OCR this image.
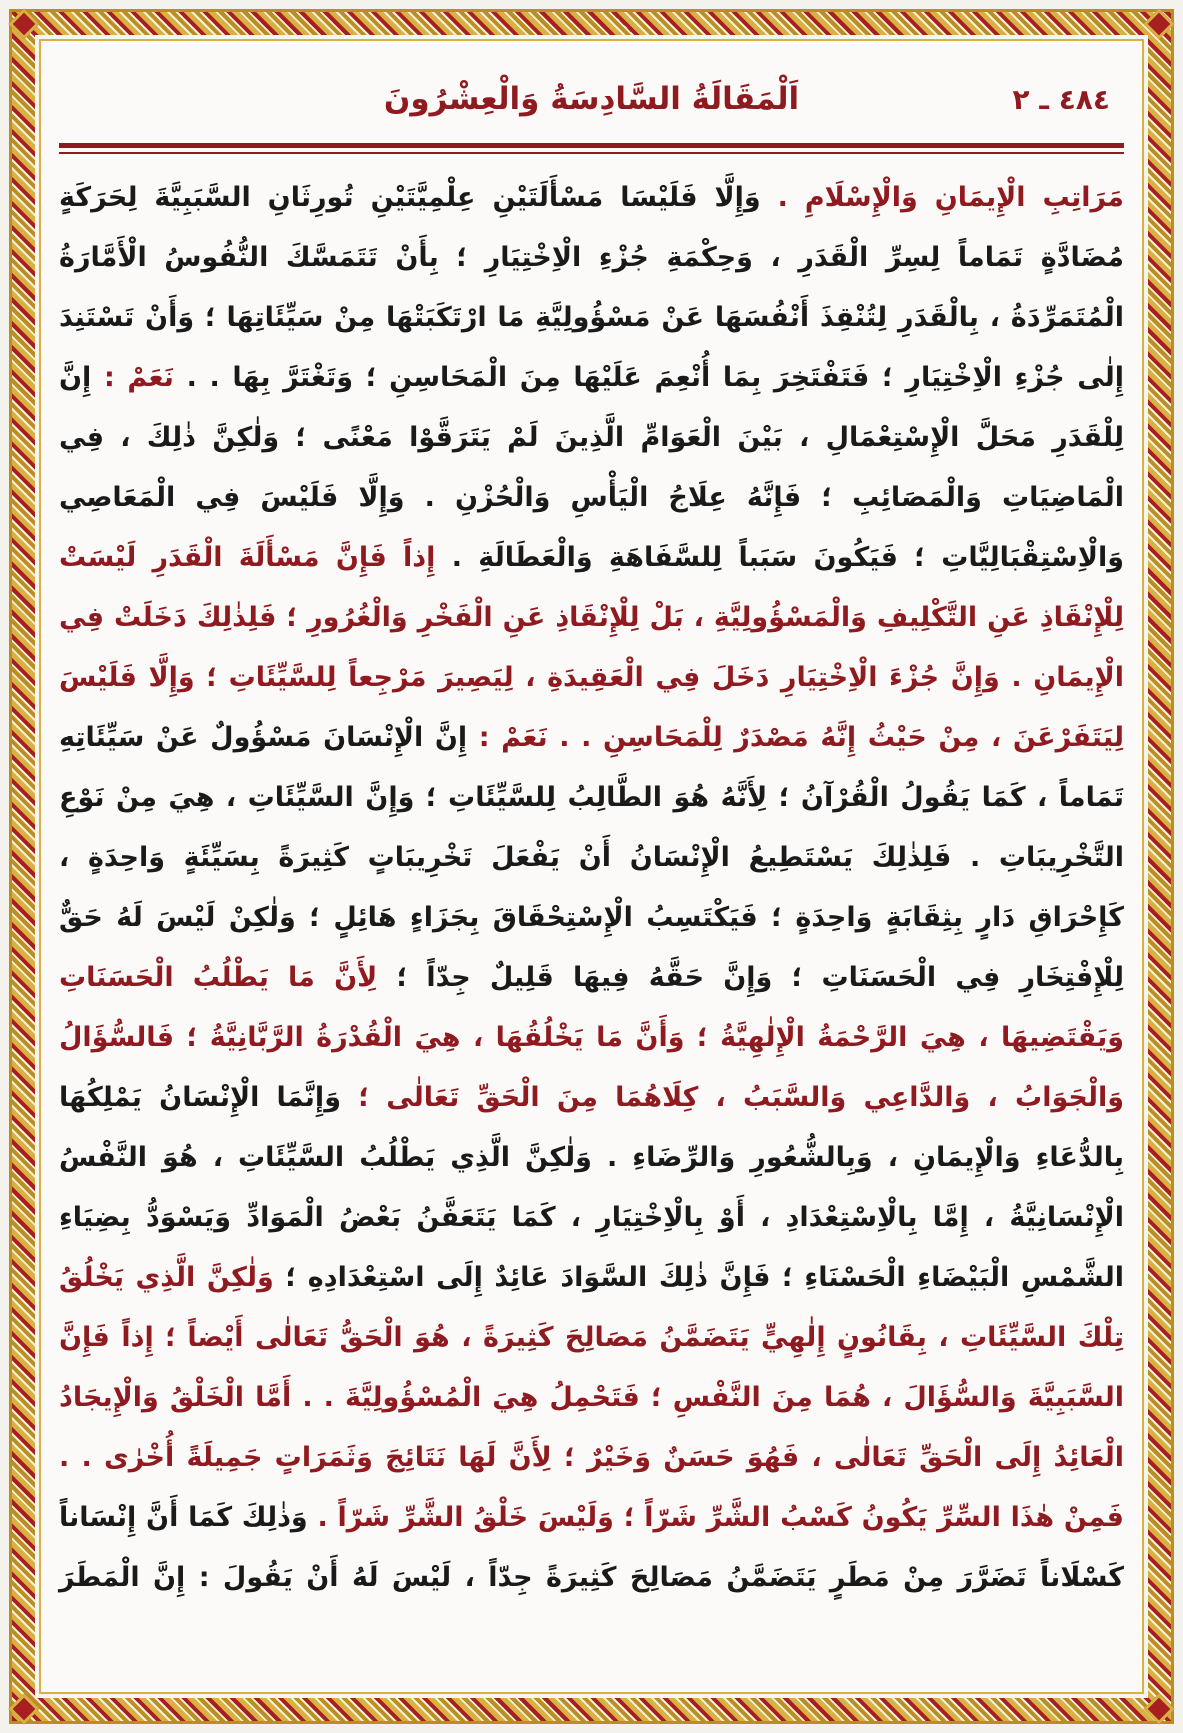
٤٨٤ ـ ٢
اَلْمَقَالَةُ السَّادِسَةُ وَالْعِشْرُونَ
مَرَاتِبِ الْإِيمَانِ وَالْإِسْلَامِ . وَإِلَّا فَلَيْسَا مَسْأَلَتَيْنِ عِلْمِيَّتَيْنِ تُورِثَانِ السَّبَبِيَّةَ لِحَرَكَةٍ مُضَادَّةٍ تَمَاماً لِسِرِّ الْقَدَرِ ، وَحِكْمَةِ جُزْءِ الْاِخْتِيَارِ ؛ بِأَنْ تَتَمَسَّكَ النُّفُوسُ الْأَمَّارَةُ الْمُتَمَرِّدَةُ ، بِالْقَدَرِ لِتُنْقِذَ أَنْفُسَهَا عَنْ مَسْؤُولِيَّةِ مَا ارْتَكَبَتْهَا مِنْ سَيِّئَاتِهَا ؛ وَأَنْ تَسْتَنِدَ إِلٰى جُزْءِ الْاِخْتِيَارِ ؛ فَتَفْتَخِرَ بِمَا أُنْعِمَ عَلَيْهَا مِنَ الْمَحَاسِنِ ؛ وَتَغْتَرَّ بِهَا . . نَعَمْ : إِنَّ لِلْقَدَرِ مَحَلَّ الْإِسْتِعْمَالِ ، بَيْنَ الْعَوَامِّ الَّذِينَ لَمْ يَتَرَقَّوْا مَعْنًى ؛ وَلٰكِنَّ ذٰلِكَ ، فِي الْمَاضِيَاتِ وَالْمَصَائِبِ ؛ فَإِنَّهُ عِلَاجُ الْيَأْسِ وَالْحُزْنِ . وَإِلَّا فَلَيْسَ فِي الْمَعَاصِي وَالْاِسْتِقْبَالِيَّاتِ ؛ فَيَكُونَ سَبَباً لِلسَّفَاهَةِ وَالْعَطَالَةِ . إِذاً فَإِنَّ مَسْأَلَةَ الْقَدَرِ لَيْسَتْ لِلْإِنْقَاذِ عَنِ التَّكْلِيفِ وَالْمَسْؤُولِيَّةِ ، بَلْ لِلْإِنْقَاذِ عَنِ الْفَخْرِ وَالْغُرُورِ ؛ فَلِذٰلِكَ دَخَلَتْ فِي الْإِيمَانِ . وَإِنَّ جُزْءَ الْاِخْتِيَارِ دَخَلَ فِي الْعَقِيدَةِ ، لِيَصِيرَ مَرْجِعاً لِلسَّيِّئَاتِ ؛ وَإِلَّا فَلَيْسَ لِيَتَفَرْعَنَ ، مِنْ حَيْثُ إِنَّهُ مَصْدَرٌ لِلْمَحَاسِنِ . . نَعَمْ : إِنَّ الْإِنْسَانَ مَسْؤُولٌ عَنْ سَيِّئَاتِهِ تَمَاماً ، كَمَا يَقُولُ الْقُرْآنُ ؛ لِأَنَّهُ هُوَ الطَّالِبُ لِلسَّيِّئَاتِ ؛ وَإِنَّ السَّيِّئَاتِ ، هِيَ مِنْ نَوْعِ التَّخْرِيبَاتِ . فَلِذٰلِكَ يَسْتَطِيعُ الْإِنْسَانُ أَنْ يَفْعَلَ تَخْرِيبَاتٍ كَثِيرَةً بِسَيِّئَةٍ وَاحِدَةٍ ، كَإِحْرَاقِ دَارٍ بِثِقَابَةٍ وَاحِدَةٍ ؛ فَيَكْتَسِبُ الْإِسْتِحْقَاقَ بِجَزَاءٍ هَائِلٍ ؛ وَلٰكِنْ لَيْسَ لَهُ حَقٌّ لِلْإِفْتِخَارِ فِي الْحَسَنَاتِ ؛ وَإِنَّ حَقَّهُ فِيهَا قَلِيلٌ جِدّاً ؛ لِأَنَّ مَا يَطْلُبُ الْحَسَنَاتِ وَيَقْتَضِيهَا ، هِيَ الرَّحْمَةُ الْإِلٰهِيَّةُ ؛ وَأَنَّ مَا يَخْلُقُهَا ، هِيَ الْقُدْرَةُ الرَّبَّانِيَّةُ ؛ فَالسُّؤَالُ وَالْجَوَابُ ، وَالدَّاعِي وَالسَّبَبُ ، كِلَاهُمَا مِنَ الْحَقِّ تَعَالٰى ؛ وَإِنَّمَا الْإِنْسَانُ يَمْلِكُهَا بِالدُّعَاءِ وَالْإِيمَانِ ، وَبِالشُّعُورِ وَالرِّضَاءِ . وَلٰكِنَّ الَّذِي يَطْلُبُ السَّيِّئَاتِ ، هُوَ النَّفْسُ الْإِنْسَانِيَّةُ ، إِمَّا بِالْاِسْتِعْدَادِ ، أَوْ بِالْاِخْتِيَارِ ، كَمَا يَتَعَفَّنُ بَعْضُ الْمَوَادِّ وَيَسْوَدُّ بِضِيَاءِ الشَّمْسِ الْبَيْضَاءِ الْحَسْنَاءِ ؛ فَإِنَّ ذٰلِكَ السَّوَادَ عَائِدٌ إِلَى اسْتِعْدَادِهِ ؛ وَلٰكِنَّ الَّذِي يَخْلُقُ تِلْكَ السَّيِّئَاتِ ، بِقَانُونٍ إِلٰهِيٍّ يَتَضَمَّنُ مَصَالِحَ كَثِيرَةً ، هُوَ الْحَقُّ تَعَالٰى أَيْضاً ؛ إِذاً فَإِنَّ السَّبَبِيَّةَ وَالسُّؤَالَ ، هُمَا مِنَ النَّفْسِ ؛ فَتَحْمِلُ هِيَ الْمُسْؤُولِيَّةَ . . أَمَّا الْخَلْقُ وَالْإِيجَادُ الْعَائِدُ إِلَى الْحَقِّ تَعَالٰى ، فَهُوَ حَسَنٌ وَخَيْرٌ ؛ لِأَنَّ لَهَا نَتَائِجَ وَثَمَرَاتٍ جَمِيلَةً أُخْرٰى . . فَمِنْ هٰذَا السِّرِّ يَكُونُ كَسْبُ الشَّرِّ شَرّاً ؛ وَلَيْسَ خَلْقُ الشَّرِّ شَرّاً . وَذٰلِكَ كَمَا أَنَّ إِنْسَاناً كَسْلَاناً تَضَرَّرَ مِنْ مَطَرٍ يَتَضَمَّنُ مَصَالِحَ كَثِيرَةً جِدّاً ، لَيْسَ لَهُ أَنْ يَقُولَ : إِنَّ الْمَطَرَ
